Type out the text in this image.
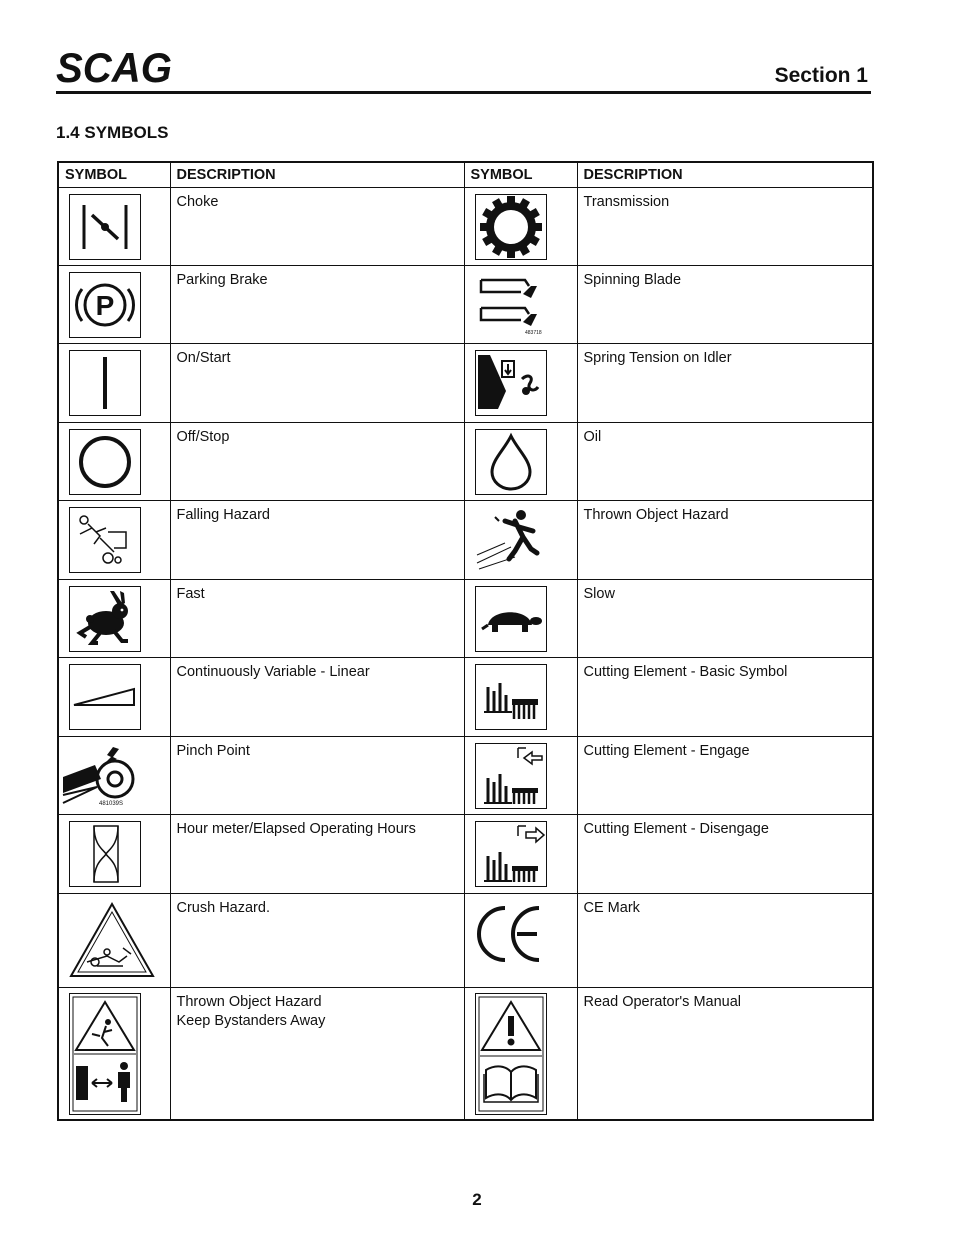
SCAG	Section 1
1.4 SYMBOLS
SYMBOL	DESCRIPTION	SYMBOL	DESCRIPTION

	Choke		Transmission

P	Parking Brake	483718	Spinning Blade

	On/Start		Spring Tension on Idler

	Off/Stop		Oil

	Falling Hazard		Thrown Object Hazard

	Fast		Slow

	Continuously Variable - Linear		Cutting Element - Basic Symbol

481039S	Pinch Point		Cutting Element - Engage

	Hour meter/Elapsed Operating Hours		Cutting Element - Disengage

	Crush Hazard.		CE Mark

Thrown Object Hazard
Keep Bystanders Away		Read Operator's Manual
2
